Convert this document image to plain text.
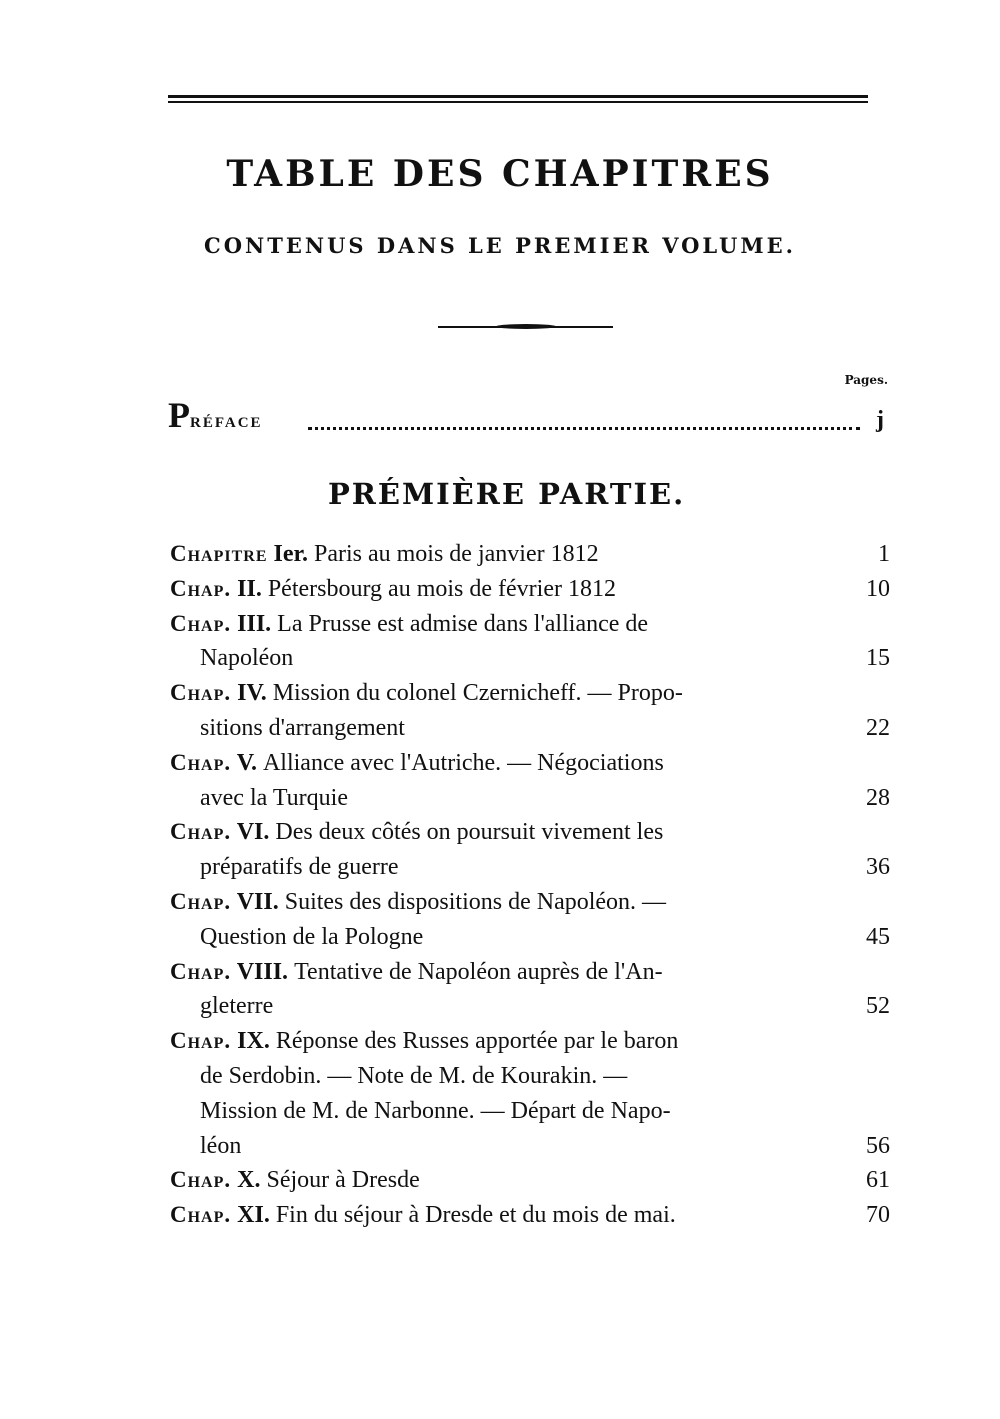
TABLE DES CHAPITRES
CONTENUS DANS LE PREMIER VOLUME.
Pages.
PRÉFACE	j
PRÉMIÈRE PARTIE.
Chapitre Ier. Paris au mois de janvier 1812	1
Chap. II. Pétersbourg au mois de février 1812	10
Chap. III. La Prusse est admise dans l'alliance de
Napoléon	15
Chap. IV. Mission du colonel Czernicheff. — Propo-
sitions d'arrangement	22
Chap. V. Alliance avec l'Autriche. — Négociations
avec la Turquie	28
Chap. VI. Des deux côtés on poursuit vivement les
préparatifs de guerre	36
Chap. VII. Suites des dispositions de Napoléon. —
Question de la Pologne	45
Chap. VIII. Tentative de Napoléon auprès de l'An-
gleterre	52
Chap. IX. Réponse des Russes apportée par le baron
de Serdobin. — Note de M. de Kourakin. —
Mission de M. de Narbonne. — Départ de Napo-
léon	56
Chap. X. Séjour à Dresde	61
Chap. XI. Fin du séjour à Dresde et du mois de mai.	70
